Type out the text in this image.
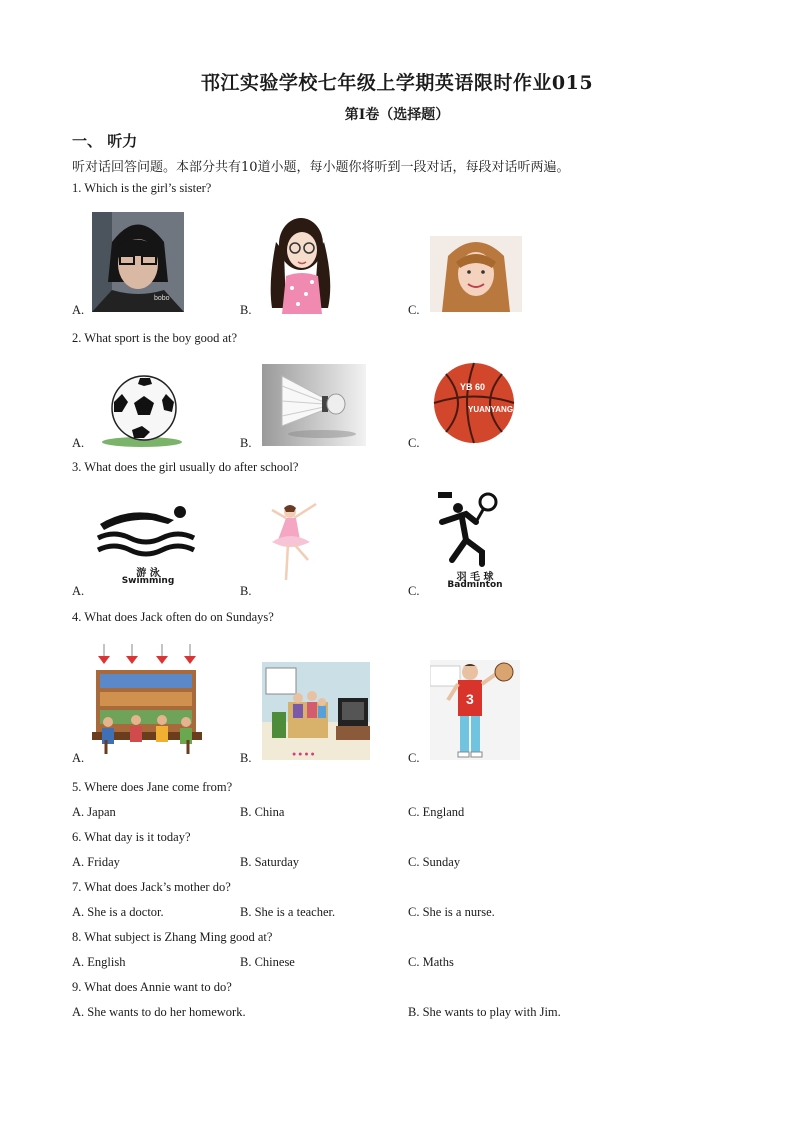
邗江实验学校七年级上学期英语限时作业015
第Ⅰ卷（选择题）
一、 听力
听对话回答问题。本部分共有10道小题，每小题你将听到一段对话，每段对话听两遍。
1. Which is the girl’s sister?
bobo
A.	B.	C.
2. What sport is the boy good at?
A.	B.
YB 60
YUANYANG
C.
3. What does the girl usually do after school?
游 泳
Swimming
A.	B.
羽 毛 球
Badminton
C.
4. What does Jack often do on Sundays?
A.	● ● ● ●
B.
3
C.
5. Where does Jane come from?
A. Japan	B. China	C. England
6. What day is it today?
A. Friday	B. Saturday	C. Sunday
7. What does Jack’s mother do?
A. She is a doctor.	B. She is a teacher.	C. She is a nurse.
8. What subject is Zhang Ming good at?
A. English	B. Chinese	C. Maths
9. What does Annie want to do?
A. She wants to do her homework.	B. She wants to play with Jim.
